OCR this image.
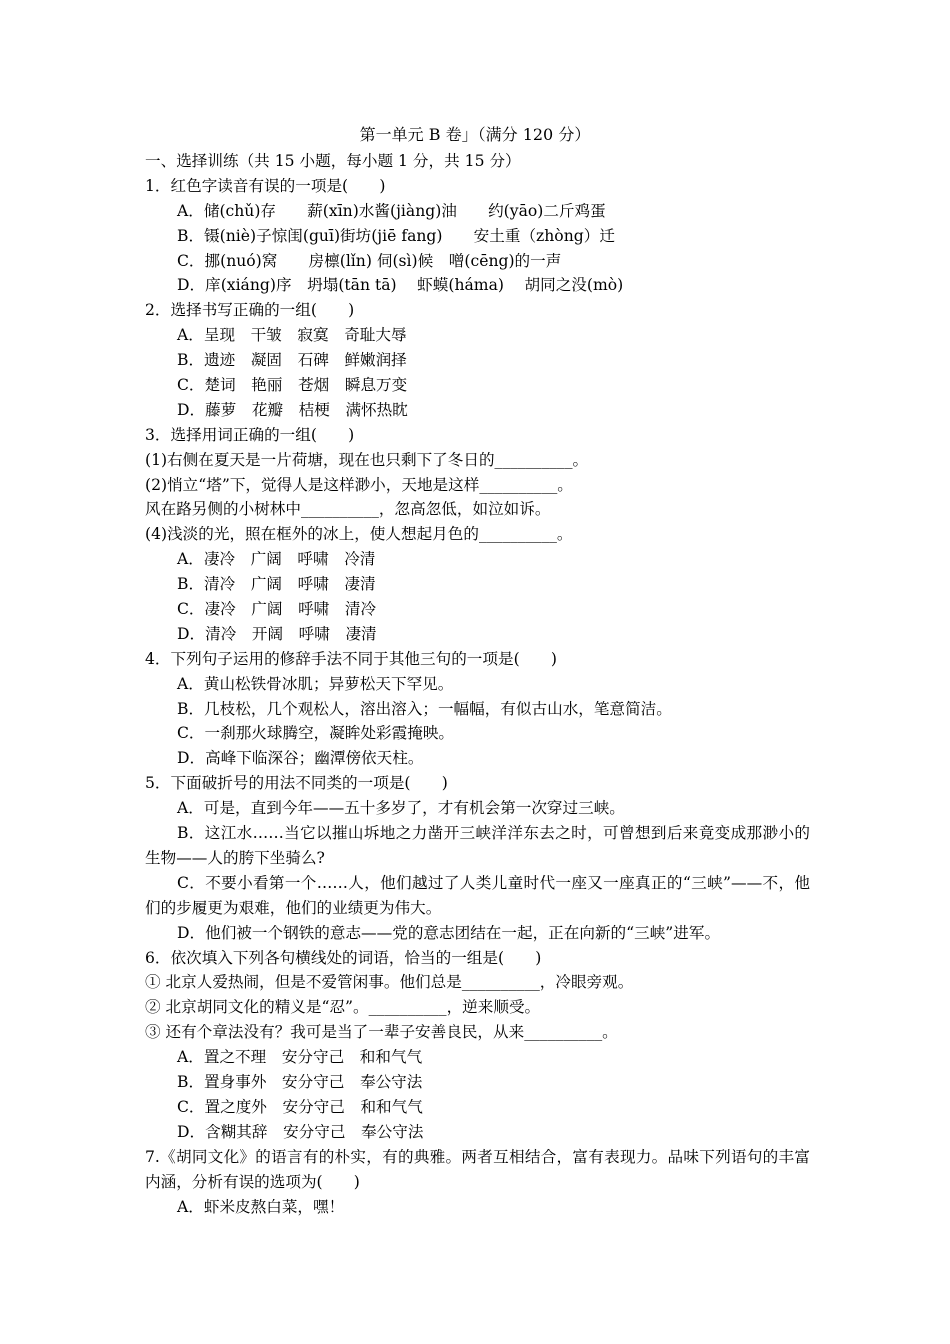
第一单元 B 卷」（满分 120 分）
一、选择训练（共 15 小题，每小题 1 分，共 15 分）
1．红色字读音有误的一项是(　　)
A．储(chǔ)存　　薪(xīn)水酱(jiàng)油　　约(yāo)二斤鸡蛋
B．镊(niè)子惊闺(guī)街坊(jiē fang)　　安土重（zhòng）迁
C．挪(nuó)窝　　房檩(lǐn) 伺(sì)候　噌(cēng)的一声
D．庠(xiáng)序　坍塌(tān tā)　 虾蟆(háma)　 胡同之没(mò)
2．选择书写正确的一组(　　)
A．呈现　干皱　寂寞　奇耻大辱
B．遗迹　凝固　石碑　鲜嫩润择
C．楚词　艳丽　苍烟　瞬息万变
D．藤萝　花瓣　桔梗　满怀热眈
3．选择用词正确的一组(　　)
(1)右侧在夏天是一片荷塘，现在也只剩下了冬日的__________。
(2)悄立“塔”下，觉得人是这样渺小，天地是这样__________。
风在路另侧的小树林中__________，忽高忽低，如泣如诉。
(4)浅淡的光，照在框外的冰上，使人想起月色的__________。
A．凄冷　广阔　呼啸　冷清
B．清冷　广阔　呼啸　凄清
C．凄冷　广阔　呼啸　清冷
D．清冷　开阔　呼啸　凄清
4．下列句子运用的修辞手法不同于其他三句的一项是(　　)
A．黄山松铁骨冰肌；异萝松天下罕见。
B．几枝松，几个观松人，溶出溶入；一幅幅，有似古山水，笔意简洁。
C．一刹那火球腾空，凝眸处彩霞掩映。
D．高峰下临深谷；幽潭傍依天柱。
5．下面破折号的用法不同类的一项是(　　)
A．可是，直到今年——五十多岁了，才有机会第一次穿过三峡。
B．这江水……当它以摧山坼地之力凿开三峡洋洋东去之时，可曾想到后来竟变成那渺小的生物——人的胯下坐骑么?
C．不要小看第一个……人，他们越过了人类儿童时代一座又一座真正的“三峡”——不，他们的步履更为艰难，他们的业绩更为伟大。
D．他们被一个钢铁的意志——党的意志团结在一起，正在向新的“三峡”进军。
6．依次填入下列各句横线处的词语，恰当的一组是(　　)
① 北京人爱热闹，但是不爱管闲事。他们总是__________，冷眼旁观。
② 北京胡同文化的精义是“忍”。__________，逆来顺受。
③ 还有个章法没有？我可是当了一辈子安善良民，从来__________。
A．置之不理　安分守己　和和气气
B．置身事外　安分守己　奉公守法
C．置之度外　安分守己　和和气气
D．含糊其辞　安分守己　奉公守法
7.《胡同文化》的语言有的朴实，有的典雅。两者互相结合，富有表现力。品味下列语句的丰富内涵，分析有误的选项为(　　)
A．虾米皮熬白菜，嘿！
